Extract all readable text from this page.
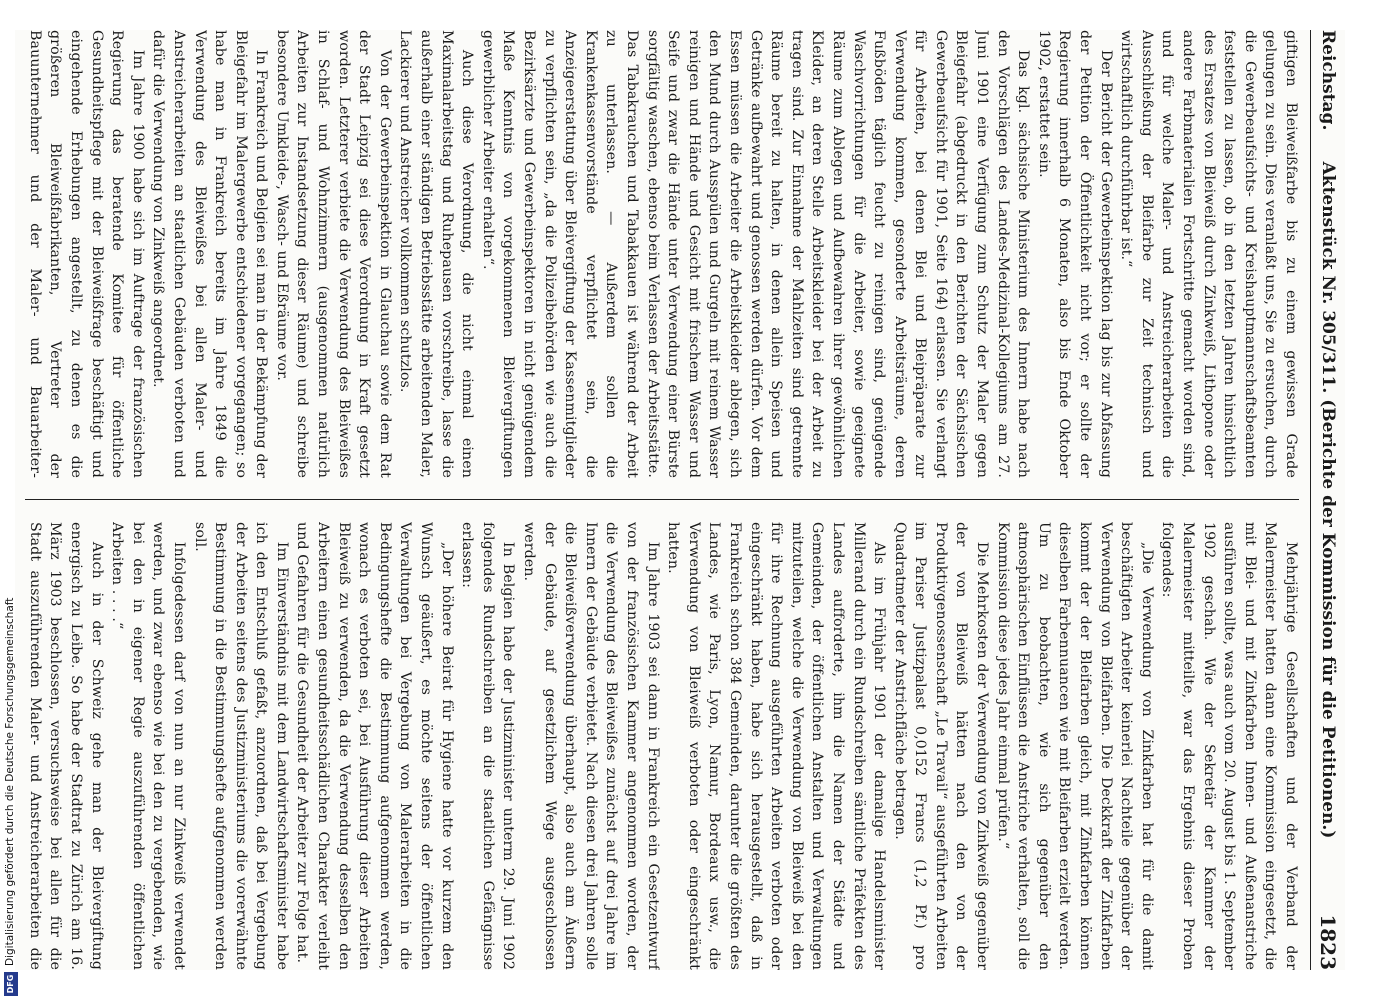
Reichstag.
Aktenstück Nr. 305/311. (Berichte der Kommission für die Petitionen.)
1823

giftigen Bleiweißfarbe bis zu einem gewissen Grade gelungen zu sein. Dies veranlaßt uns, Sie zu ersuchen, durch die Gewerbeaufsichts- und Kreishauptmannschaftsbeamten feststellen zu lassen, ob in den letzten Jahren hinsichtlich des Ersatzes von Bleiweiß durch Zinkweiß, Lithopone oder andere Farbmaterialien Fortschritte gemacht worden sind, und für welche Maler- und Anstreicherarbeiten die Ausschließung der Bleifarbe zur Zeit technisch und wirtschaftlich durchführbar ist.“

Der Bericht der Gewerbeinspektion lag bis zur Abfassung der Petition der Öffentlichkeit nicht vor; er sollte der Regierung innerhalb 6 Monaten, also bis Ende Oktober 1902, erstattet sein.

Das kgl. sächsische Ministerium des Innern habe nach den Vorschlägen des Landes-Medizinal-Kollegiums am 27. Juni 1901 eine Verfügung zum Schutz der Maler gegen Bleigefahr (abgedruckt in den Berichten der Sächsischen Gewerbeaufsicht für 1901, Seite 164) erlassen. Sie verlangt für Arbeiten, bei denen Blei und Bleipräparate zur Verwendung kommen, gesonderte Arbeitsräume, deren Fußböden täglich feucht zu reinigen sind, genügende Waschvorrichtungen für die Arbeiter, sowie geeignete Räume zum Ablegen und Aufbewahren ihrer gewöhnlichen Kleider, an deren Stelle Arbeitskleider bei der Arbeit zu tragen sind. Zur Einnahme der Mahlzeiten sind getrennte Räume bereit zu halten, in denen allein Speisen und Getränke aufbewahrt und genossen werden dürfen. Vor dem Essen müssen die Arbeiter die Arbeitskleider ablegen, sich den Mund durch Ausspülen und Gurgeln mit reinem Wasser reinigen und Hände und Gesicht mit frischem Wasser und Seife und zwar die Hände unter Verwendung einer Bürste sorgfältig waschen, ebenso beim Verlassen der Arbeitsstätte. Das Tabakrauchen und Tabakkauen ist während der Arbeit zu unterlassen. — Außerdem sollen die Krankenkassenvorstände verpflichtet sein, die Anzeigeerstattung über Bleivergiftung der Kassenmitglieder zu verpflichten sein, „da die Polizeibehörden wie auch die Bezirksärzte und Gewerbeinspektoren in nicht genügendem Maße Kenntnis von vorgekommenen Bleivergiftungen gewerblicher Arbeiter erhalten“.

Auch diese Verordnung, die nicht einmal einen Maximalarbeitstag und Ruhepausen vorschreibe, lasse die außerhalb einer ständigen Betriebsstätte arbeitenden Maler, Lackierer und Anstreicher vollkommen schutzlos.

Von der Gewerbeinspektion in Glauchau sowie dem Rat der Stadt Leipzig sei diese Verordnung in Kraft gesetzt worden. Letzterer verbiete die Verwendung des Bleiweißes in Schlaf- und Wohnzimmern (ausgenommen natürlich Arbeiten zur Instandsetzung dieser Räume) und schreibe besondere Umkleide-, Wasch- und Eßräume vor.

In Frankreich und Belgien sei man in der Bekämpfung der Bleigefahr im Malergewerbe entschiedener vorgegangen; so habe man in Frankreich bereits im Jahre 1849 die Verwendung des Bleiweißes bei allen Maler- und Anstreicherarbeiten an staatlichen Gebäuden verboten und dafür die Verwendung von Zinkweiß angeordnet.

Im Jahre 1900 habe sich im Auftrage der französischen Regierung das beratende Komitee für öffentliche Gesundheitspflege mit der Bleiweißfrage beschäftigt und eingehende Erhebungen angestellt, zu denen es die größeren Bleiweißfabrikanten, Vertreter der Bauunternehmer und der Maler- und Bauarbeiter-

Mehrjährige Gesellschaften und der Verband der Malermeister hatten dann eine Kommission eingesetzt, die mit Blei- und mit Zinkfarben Innen- und Außenanstriche ausführen sollte, was auch vom 20. August bis 1. September 1902 geschah. Wie der Sekretär der Kammer der Malermeister mitteilte, war das Ergebnis dieser Proben folgendes:

„Die Verwendung von Zinkfarben hat für die damit beschäftigten Arbeiter keinerlei Nachteile gegenüber der Verwendung von Bleifarben. Die Deckkraft der Zinkfarben kommt der der Bleifarben gleich, mit Zinkfarben können dieselben Farbennuancen wie mit Bleifarben erzielt werden. Um zu beobachten, wie sich gegenüber den atmosphärischen Einflüssen die Anstriche verhalten, soll die Kommission diese jedes Jahr einmal prüfen.“

Die Mehrkosten der Verwendung von Zinkweiß gegenüber der von Bleiweiß hätten nach den von der Produktivgenossenschaft „Le Travail“ ausgeführten Arbeiten im Pariser Justizpalast 0,0152 Francs (1,2 Pf.) pro Quadratmeter der Anstrichfläche betragen.

Als im Frühjahr 1901 der damalige Handelsminister Millerand durch ein Rundschreiben sämtliche Präfekten des Landes aufforderte, ihm die Namen der Städte und Gemeinden, der öffentlichen Anstalten und Verwaltungen mitzuteilen, welche die Verwendung von Bleiweiß bei den für ihre Rechnung ausgeführten Arbeiten verboten oder eingeschränkt haben, habe sich herausgestellt, daß in Frankreich schon 384 Gemeinden, darunter die größten des Landes, wie Paris, Lyon, Namur, Bordeaux usw., die Verwendung von Bleiweiß verboten oder eingeschränkt hatten.

Im Jahre 1903 sei dann in Frankreich ein Gesetzentwurf von der französischen Kammer angenommen worden, der die Verwendung des Bleiweißes zunächst auf drei Jahre im Innern der Gebäude verbietet. Nach diesen drei Jahren solle die Bleiweißverwendung überhaupt, also auch am Äußern der Gebäude, auf gesetzlichem Wege ausgeschlossen werden.

In Belgien habe der Justizminister unterm 29. Juni 1902 folgendes Rundschreiben an die staatlichen Gefängnisse erlassen:

„Der höhere Beirat für Hygiene hatte vor kurzem den Wunsch geäußert, es möchte seitens der öffentlichen Verwaltungen bei Vergebung von Malerarbeiten in die Bedingungshefte die Bestimmung aufgenommen werden, wonach es verboten sei, bei Ausführung dieser Arbeiten Bleiweiß zu verwenden, da die Verwendung desselben den Arbeitern einen gesundheitsschädlichen Charakter verleiht und Gefahren für die Gesundheit der Arbeiter zur Folge hat.

Im Einverständnis mit dem Landwirtschaftsminister habe ich den Entschluß gefaßt, anzuordnen, daß bei Vergebung der Arbeiten seitens des Justizministeriums die vorerwähnte Bestimmung in die Bestimmungshefte aufgenommen werden soll.

Infolgedessen darf von nun an nur Zinkweiß verwendet werden, und zwar ebenso wie bei den zu vergebenden, wie bei den in eigener Regie auszuführenden öffentlichen Arbeiten . . . .“

Auch in der Schweiz gehe man der Bleivergiftung energisch zu Leibe. So habe der Stadtrat zu Zürich am 16. März 1903 beschlossen, versuchsweise bei allen für die Stadt auszuführenden Maler- und Anstreicherarbeiten die

DFG
Digitalisierung gefördert durch die Deutsche Forschungsgemeinschaft
